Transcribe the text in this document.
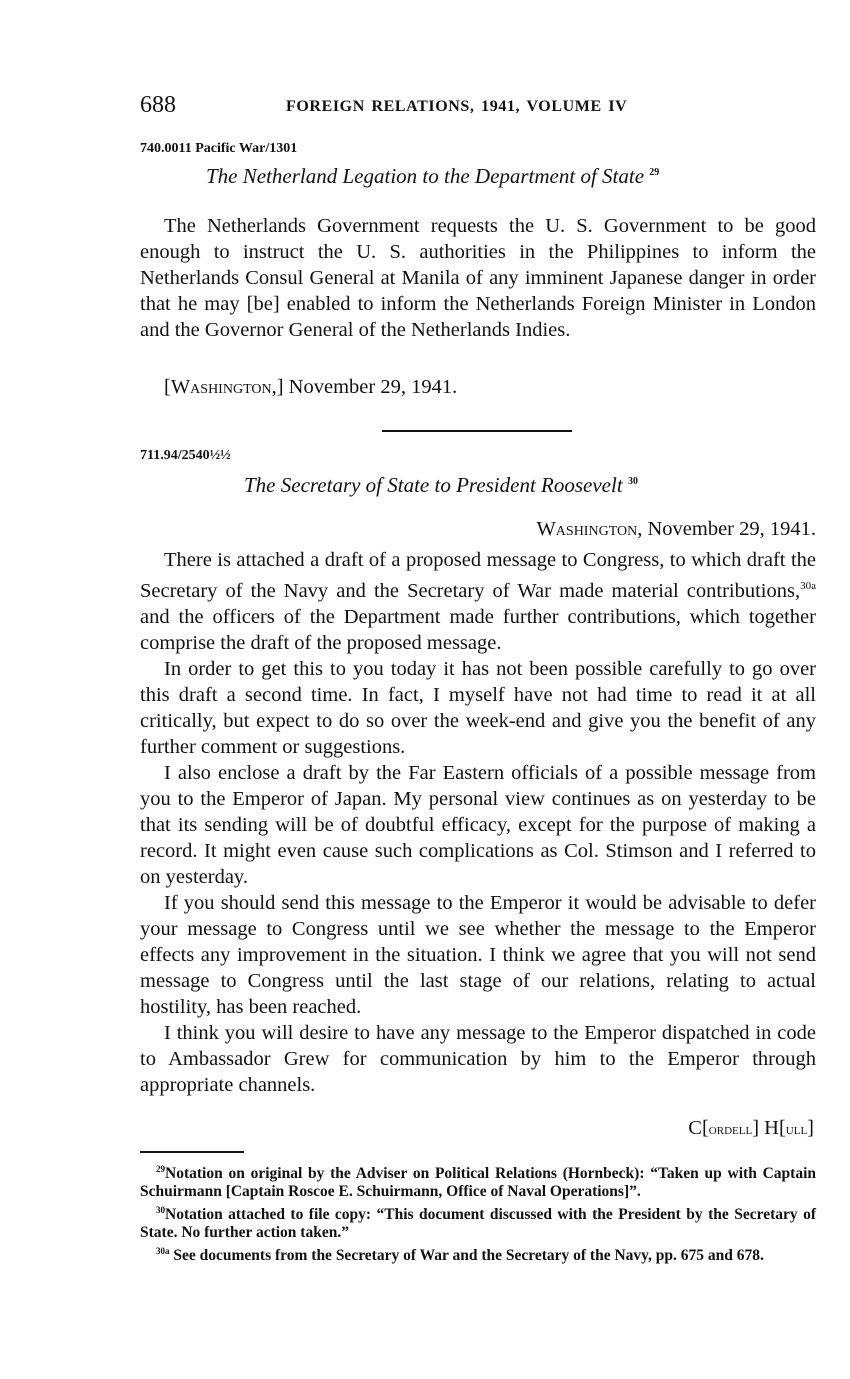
688	FOREIGN RELATIONS, 1941, VOLUME IV
740.0011 Pacific War/1301
The Netherland Legation to the Department of State $^{29}$

The Netherlands Government requests the U. S. Government to be good enough to instruct the U. S. authorities in the Philippines to inform the Netherlands Consul General at Manila of any imminent Japanese danger in order that he may [be] enabled to inform the Netherlands Foreign Minister in London and the Governor General of the Netherlands Indies.

[Washington,] November 29, 1941.
711.94/2540½½
The Secretary of State to President Roosevelt $^{30}$
Washington, November 29, 1941.

There is attached a draft of a proposed message to Congress, to which draft the Secretary of the Navy and the Secretary of War made material contributions,$^{30a}$ and the officers of the Department made further contributions, which together comprise the draft of the proposed message.

In order to get this to you today it has not been possible carefully to go over this draft a second time. In fact, I myself have not had time to read it at all critically, but expect to do so over the week-end and give you the benefit of any further comment or suggestions.

I also enclose a draft by the Far Eastern officials of a possible message from you to the Emperor of Japan. My personal view continues as on yesterday to be that its sending will be of doubtful efficacy, except for the purpose of making a record. It might even cause such complications as Col. Stimson and I referred to on yesterday.

If you should send this message to the Emperor it would be advisable to defer your message to Congress until we see whether the message to the Emperor effects any improvement in the situation. I think we agree that you will not send message to Congress until the last stage of our relations, relating to actual hostility, has been reached.

I think you will desire to have any message to the Emperor dispatched in code to Ambassador Grew for communication by him to the Emperor through appropriate channels.

C[ordell] H[ull]

$^{29}$Notation on original by the Adviser on Political Relations (Hornbeck): “Taken up with Captain Schuirmann [Captain Roscoe E. Schuirmann, Office of Naval Operations]”.

$^{30}$Notation attached to file copy: “This document discussed with the President by the Secretary of State. No further action taken.”

$^{30a}$ See documents from the Secretary of War and the Secretary of the Navy, pp. 675 and 678.
